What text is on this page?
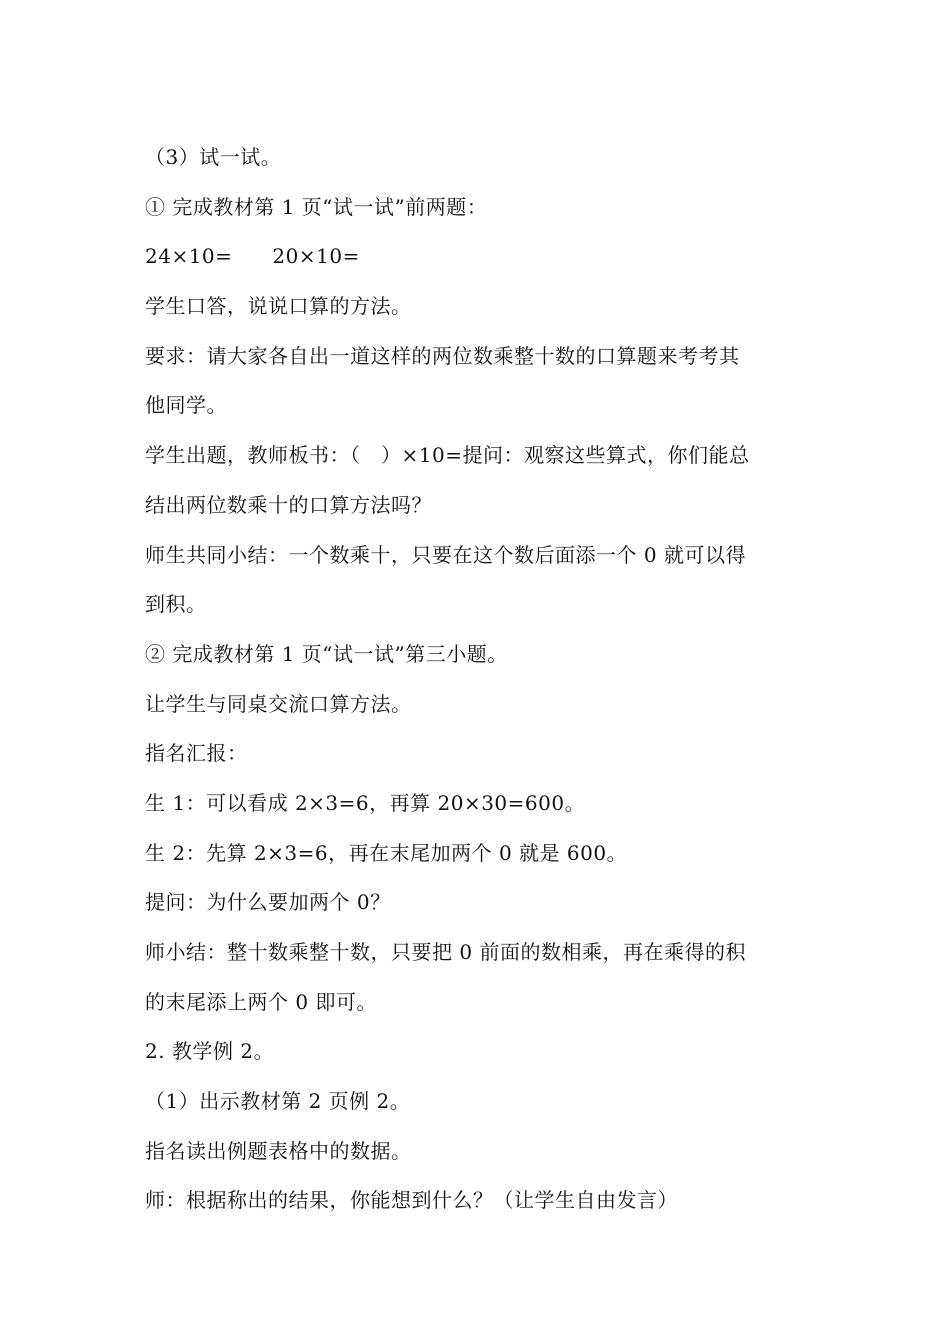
（3）试一试。
① 完成教材第 1 页“试一试”前两题：
24×10= 20×10=
学生口答，说说口算的方法。
要求：请大家各自出一道这样的两位数乘整十数的口算题来考考其
他同学。
学生出题，教师板书：（　）×10=提问：观察这些算式，你们能总
结出两位数乘十的口算方法吗？
师生共同小结：一个数乘十，只要在这个数后面添一个 0 就可以得
到积。
② 完成教材第 1 页“试一试”第三小题。
让学生与同桌交流口算方法。
指名汇报：
生 1：可以看成 2×3=6，再算 20×30=600。
生 2：先算 2×3=6，再在末尾加两个 0 就是 600。
提问：为什么要加两个 0？
师小结：整十数乘整十数，只要把 0 前面的数相乘，再在乘得的积
的末尾添上两个 0 即可。
2. 教学例 2。
（1）出示教材第 2 页例 2。
指名读出例题表格中的数据。
师：根据称出的结果，你能想到什么？（让学生自由发言）
